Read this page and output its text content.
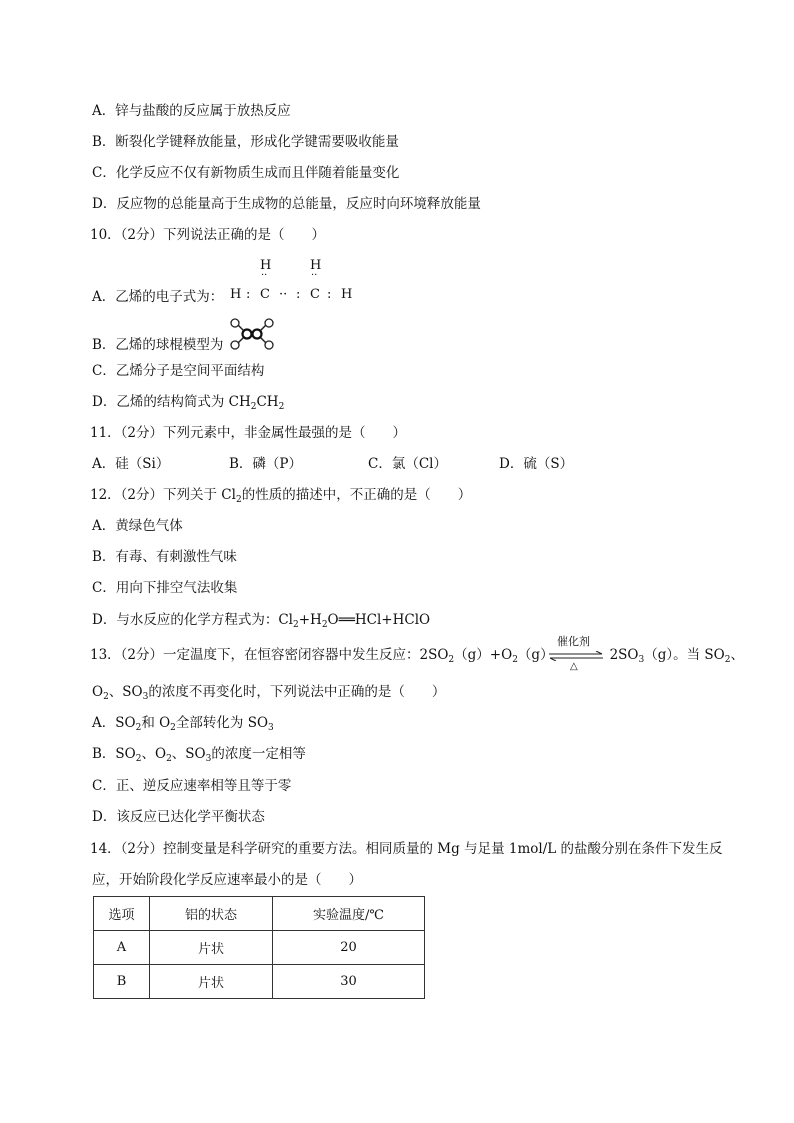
A．锌与盐酸的反应属于放热反应
B．断裂化学键释放能量，形成化学键需要吸收能量
C．化学反应不仅有新物质生成而且伴随着能量变化
D．反应物的总能量高于生成物的总能量，反应时向环境释放能量
10．（2分）下列说法正确的是（　　）
A．乙烯的电子式为：
H	H
··	··
H : C ·· : C : H
B．乙烯的球棍模型为
C．乙烯分子是空间平面结构
D．乙烯的结构简式为 $CH_2CH_2$
11．（2分）下列元素中，非金属性最强的是（　　）
A．硅（Si）	B．磷（P）	C．氯（Cl）	D．硫（S）
12．（2分）下列关于 $Cl_2$的性质的描述中，不正确的是（　　）
A．黄绿色气体
B．有毒、有刺激性气味
C．用向下排空气法收集
D．与水反应的化学方程式为：$Cl_2+H_2O══HCl+HClO$
13．（2分）一定温度下，在恒容密闭容器中发生反应：$2SO_2(g)+O_2(g)$	$2SO_3(g)$。当 $SO_2$、
催化剂
△
$O_2$、$SO_3$的浓度不再变化时，下列说法中正确的是（　　）
A．$SO_2$和 $O_2$全部转化为 $SO_3$
B．$SO_2$、$O_2$、$SO_3$的浓度一定相等
C．正、逆反应速率相等且等于零
D．该反应已达化学平衡状态
14．（2分）控制变量是科学研究的重要方法。相同质量的 Mg 与足量 1mol/L 的盐酸分别在条件下发生反
应，开始阶段化学反应速率最小的是（　　）
选项	铝的状态	实验温度/℃
A	片状	20
B	片状	30
